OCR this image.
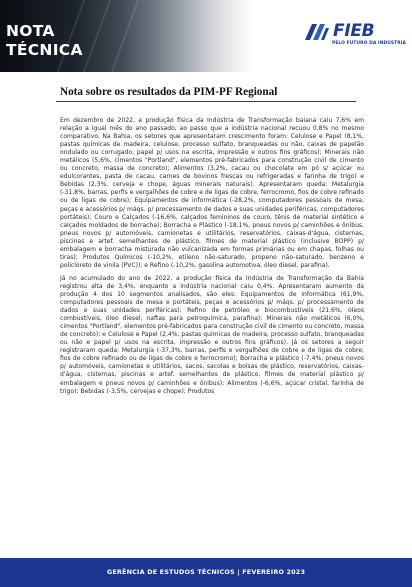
NOTA
TÉCNICA
FIEB
PELO FUTURO DA INDÚSTRIA
Nota sobre os resultados da PIM-PF Regional

Em dezembro de 2022, a produção física da Indústria de Transformação baiana caiu 7,6% em relação a igual mês do ano passado, ao passo que a indústria nacional recuou 0,8% no mesmo comparativo. Na Bahia, os setores que apresentaram crescimento foram: Celulose e Papel (8,1%, pastas químicas de madeira, celulose, processo sulfato, branqueadas ou não, caixas de papelão ondulado ou corrugado, papel p/ usos na escrita, impressão e outros fins gráficos); Minerais não metálicos (5,6%, cimentos "Portland", elementos pré-fabricados para construção civil de cimento ou concreto, massa de concreto); Alimentos (3,2%, cacau ou chocolate em pó s/ açúcar ou edulcorantes, pasta de cacau, carnes de bovinos frescas ou refrigeradas e farinha de trigo) e Bebidas (2,3%, cerveja e chope, águas minerais naturais). Apresentaram queda: Metalurgia (-31,8%, barras, perfis e vergalhões de cobre e de ligas de cobre, ferrocromo, fios de cobre refinado ou de ligas de cobre); Equipamentos de informática (-28,2%, computadores pessoais de mesa, peças e acessórios p/ máqs. p/ processamento de dados e suas unidades periféricas, computadores portáteis); Couro e Calçados (-16,6%, calçados femininos de couro, tênis de material sintético e calçados moldados de borracha); Borracha e Plástico (-18,1%, pneus novos p/ caminhões e ônibus, pneus novos p/ automóveis, camionetas e utilitários, reservatórios, caixas-d'água, cisternas, piscinas e artef. semelhantes de plástico, filmes de material plástico (inclusive BOPP) p/ embalagem e borracha misturada não vulcanizada em formas primárias ou em chapas, folhas ou tiras); Produtos Químicos (-10,2%, etileno não-saturado, propeno não-saturado, benzeno e policloreto de vinila (PVC)); e Refino (-10,2%, gasolina automotiva, óleo diesel, parafina).

Já no acumulado do ano de 2022, a produção física da Indústria de Transformação da Bahia registrou alta de 3,4%, enquanto a indústria nacional caiu 0,4%. Apresentaram aumento da produção 4 dos 10 segmentos analisados, são eles: Equipamentos de informática (61,9%, computadores pessoais de mesa e portáteis, peças e acessórios p/ máqs. p/ processamento de dados e suas unidades periféricas); Refino de petróleo e biocombustíveis (21,6%, óleos combustíveis, óleo diesel, naftas para petroquímica, parafina); Minerais não metálicos (6,0%, cimentos "Portland", elementos pré-fabricados para construção civil de cimento ou concreto, massa de concreto); e Celulose e Papel (2,4%, pastas químicas de madeira, processo sulfato, branqueadas ou não e papel p/ usos na escrita, impressão e outros fins gráficos). Já os setores a seguir registraram queda: Metalurgia (-37,3%, barras, perfis e vergalhões de cobre e de ligas de cobre, fios de cobre refinado ou de ligas de cobre e ferrocromo); Borracha e plástico (-7,4%, pneus novos p/ automóveis, camionetas e utilitários, sacos, sacolas e bolsas de plástico, reservatórios, caixas-d'água, cisternas, piscinas e artef. semelhantes de plástico, filmes de material plástico p/ embalagem e pneus novos p/ caminhões e ônibus); Alimentos (-6,6%, açúcar cristal, farinha de trigo); Bebidas (-3,5%, cervejas e chope); Produtos

GERÊNCIA DE ESTUDOS TÉCNICOS | FEVEREIRO 2023
